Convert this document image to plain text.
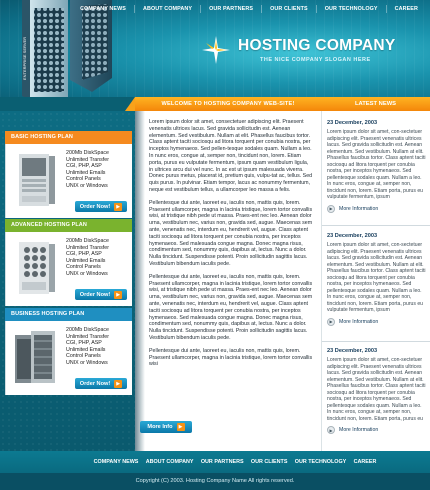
ENTERPRISE SERVER
COMPANY NEWS	ABOUT COMPANY	OUR PARTNERS	OUR CLIENTS	OUR TECHNOLOGY	CAREER
HOSTING COMPANY
THE NICE COMPANY SLOGAN HERE
WELCOME TO HOSTING COMPANY WEB-SITE!	LATEST NEWS
BASIC HOSTING PLAN
200Mb DiskSpace
Unlimited Transfer
CGI, PHP, ASP
Unlimited Emails
Control Panels
UNIX or Windows
Order Now!	▶
ADVANCED HOSTING PLAN
200Mb DiskSpace
Unlimited Transfer
CGI, PHP, ASP
Unlimited Emails
Control Panels
UNIX or Windows
Order Now!	▶
BUSINESS HOSTING PLAN
200Mb DiskSpace
Unlimited Transfer
CGI, PHP, ASP
Unlimited Emails
Control Panels
UNIX or Windows
Order Now!	▶

Lorem ipsum dolor sit amet, consectetuer adipiscing elit. Praesent venenatis ultrices lacus. Sed gravida sollicitudin est. Aenean elementum. Sed vestibulum. Nullam at elit. Phasellus faucibus tortor. Class aptent taciti sociosqu ad litora torquent per conubia nostra, per inceptos hymenaeos. Sed pellen-tesque sodales quam. Nullam a leo. In nunc eros, congue at, semper non, tincidunt non, lorem. Etiam porta, purus eu vulputate fermentum, ipsum quam vestibulum ligula, in ultrices arcu dui vel nunc. In ac est ut ipsum malesuada viverra. Donec purus metus, placerat id, pretium quis, vulpu-tat ac, tellus. Sed quis purus. In pulvinar. Etiam tempor, lacus ac nonummy fermentum, neque est vestibulum tellus, a ullamcorper leo massa a felis.

Pellentesque dui ante, laoreet eu, iaculis non, mattis quis, lorem. Praesent ullamcorper, magna in lacinia tristique, lorem tortor convallis wisi, at tristique nibh pede ut massa. Praes-ent nec leo. Aenean dolor urna, vestibulum nec, varius non, gravida sed, augue. Maecenas sem ante, venenatis nec, interdum eu, hendrerit vel, augue. Class aptent taciti sociosqu ad litora torquent per conubia nostra, per inceptos hymenaeos. Sed malesuada congue magna. Donec magna risus, condimentum sed, nonummy quis, dapibus at, lectus. Nunc a dolor. Nulla tincidunt. Suspendisse potenti. Proin sollicitudin sagittis lacus. Vestibulum bibendum iaculis pede.

Pellentesque dui ante, laoreet eu, iaculis non, mattis quis, lorem. Praesent ullamcorper, magna in lacinia tristique, lorem tortor convallis wisi, at tristique nibh pede ut massa. Praes-ent nec leo. Aenean dolor urna, vestibulum nec, varius non, gravida sed, augue. Maecenas sem ante, venenatis nec, interdum eu, hendrerit vel, augue. Class aptent taciti sociosqu ad litora torquent per conubia nostra, per inceptos hymenaeos. Sed malesuada congue magna. Donec magna risus, condimentum sed, nonummy quis, dapibus at, lectus. Nunc a dolor. Nulla tincidunt. Suspendisse potenti. Proin sollicitudin sagittis lacus. Vestibulum bibendum iaculis pede.

Pellentesque dui ante, laoreet eu, iaculis non, mattis quis, lorem. Praesent ullamcorper, magna in lacinia tristique, lorem tortor convallis wisi

More Info	▶
23 December, 2003
Lorem ipsum dolor sit amet, con-sectetuer adipiscing elit. Praesent venenatis ultrices lacus. Sed gravida sollicitudin est. Aenean elementum. Sed vestibulum. Nullam at elit. Phasellus faucibus tortor. Class aptent taciti sociosqu ad litora torquent per conubia nostra, per inceptos hymenaeos. Sed pellentesque sodales quam. Nullam a leo. In nunc eros, congue at, semper non, tincidunt non, lorem. Etiam porta, purus eu vulputate fermentum, ipsum
▶	More Information
23 December, 2003
Lorem ipsum dolor sit amet, con-sectetuer adipiscing elit. Praesent venenatis ultrices lacus. Sed gravida sollicitudin est. Aenean elementum. Sed vestibulum. Nullam at elit. Phasellus faucibus tortor. Class aptent taciti sociosqu ad litora torquent per conubia nostra, per inceptos hymenaeos. Sed pellentesque sodales quam. Nullam a leo. In nunc eros, congue at, semper non, tincidunt non, lorem. Etiam porta, purus eu vulputate fermentum, ipsum
▶	More Information
23 December, 2003
Lorem ipsum dolor sit amet, con-sectetuer adipiscing elit. Praesent venenatis ultrices lacus. Sed gravida sollicitudin est. Aenean elementum. Sed vestibulum. Nullam at elit. Phasellus faucibus tortor. Class aptent taciti sociosqu ad litora torquent per conubia nostra, per inceptos hymenaeos. Sed pellentesque sodales quam. Nullam a leo. In nunc eros, congue at, semper non, tincidunt non, lorem. Etiam porta, purus eu
▶	More Information
COMPANY NEWS ABOUT COMPANY OUR PARTNERS OUR CLIENTS OUR TECHNOLOGY CAREER
Copyright (C) 2003. Hosting Company Name All rights reserved.
